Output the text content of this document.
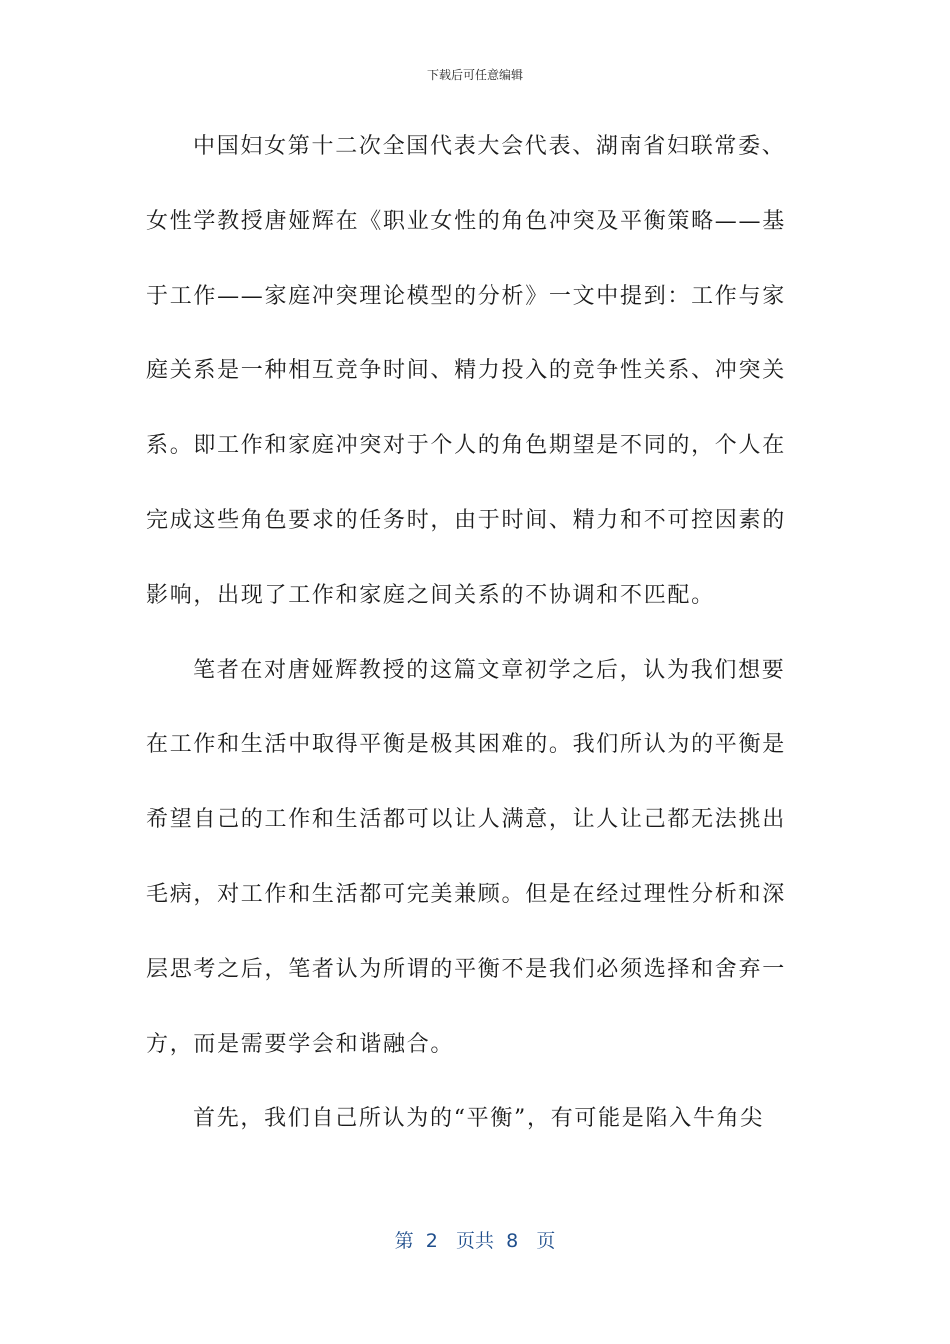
下载后可任意编辑
中国妇女第十二次全国代表大会代表、湖南省妇联常委、
女性学教授唐娅辉在《职业女性的角色冲突及平衡策略——基
于工作——家庭冲突理论模型的分析》一文中提到：工作与家
庭关系是一种相互竞争时间、精力投入的竞争性关系、冲突关
系。即工作和家庭冲突对于个人的角色期望是不同的，个人在
完成这些角色要求的任务时，由于时间、精力和不可控因素的
影响，出现了工作和家庭之间关系的不协调和不匹配。
笔者在对唐娅辉教授的这篇文章初学之后，认为我们想要
在工作和生活中取得平衡是极其困难的。我们所认为的平衡是
希望自己的工作和生活都可以让人满意，让人让己都无法挑出
毛病，对工作和生活都可完美兼顾。但是在经过理性分析和深
层思考之后，笔者认为所谓的平衡不是我们必须选择和舍弃一
方，而是需要学会和谐融合。
首先，我们自己所认为的“平衡”，有可能是陷入牛角尖
第 2 页共 8 页
